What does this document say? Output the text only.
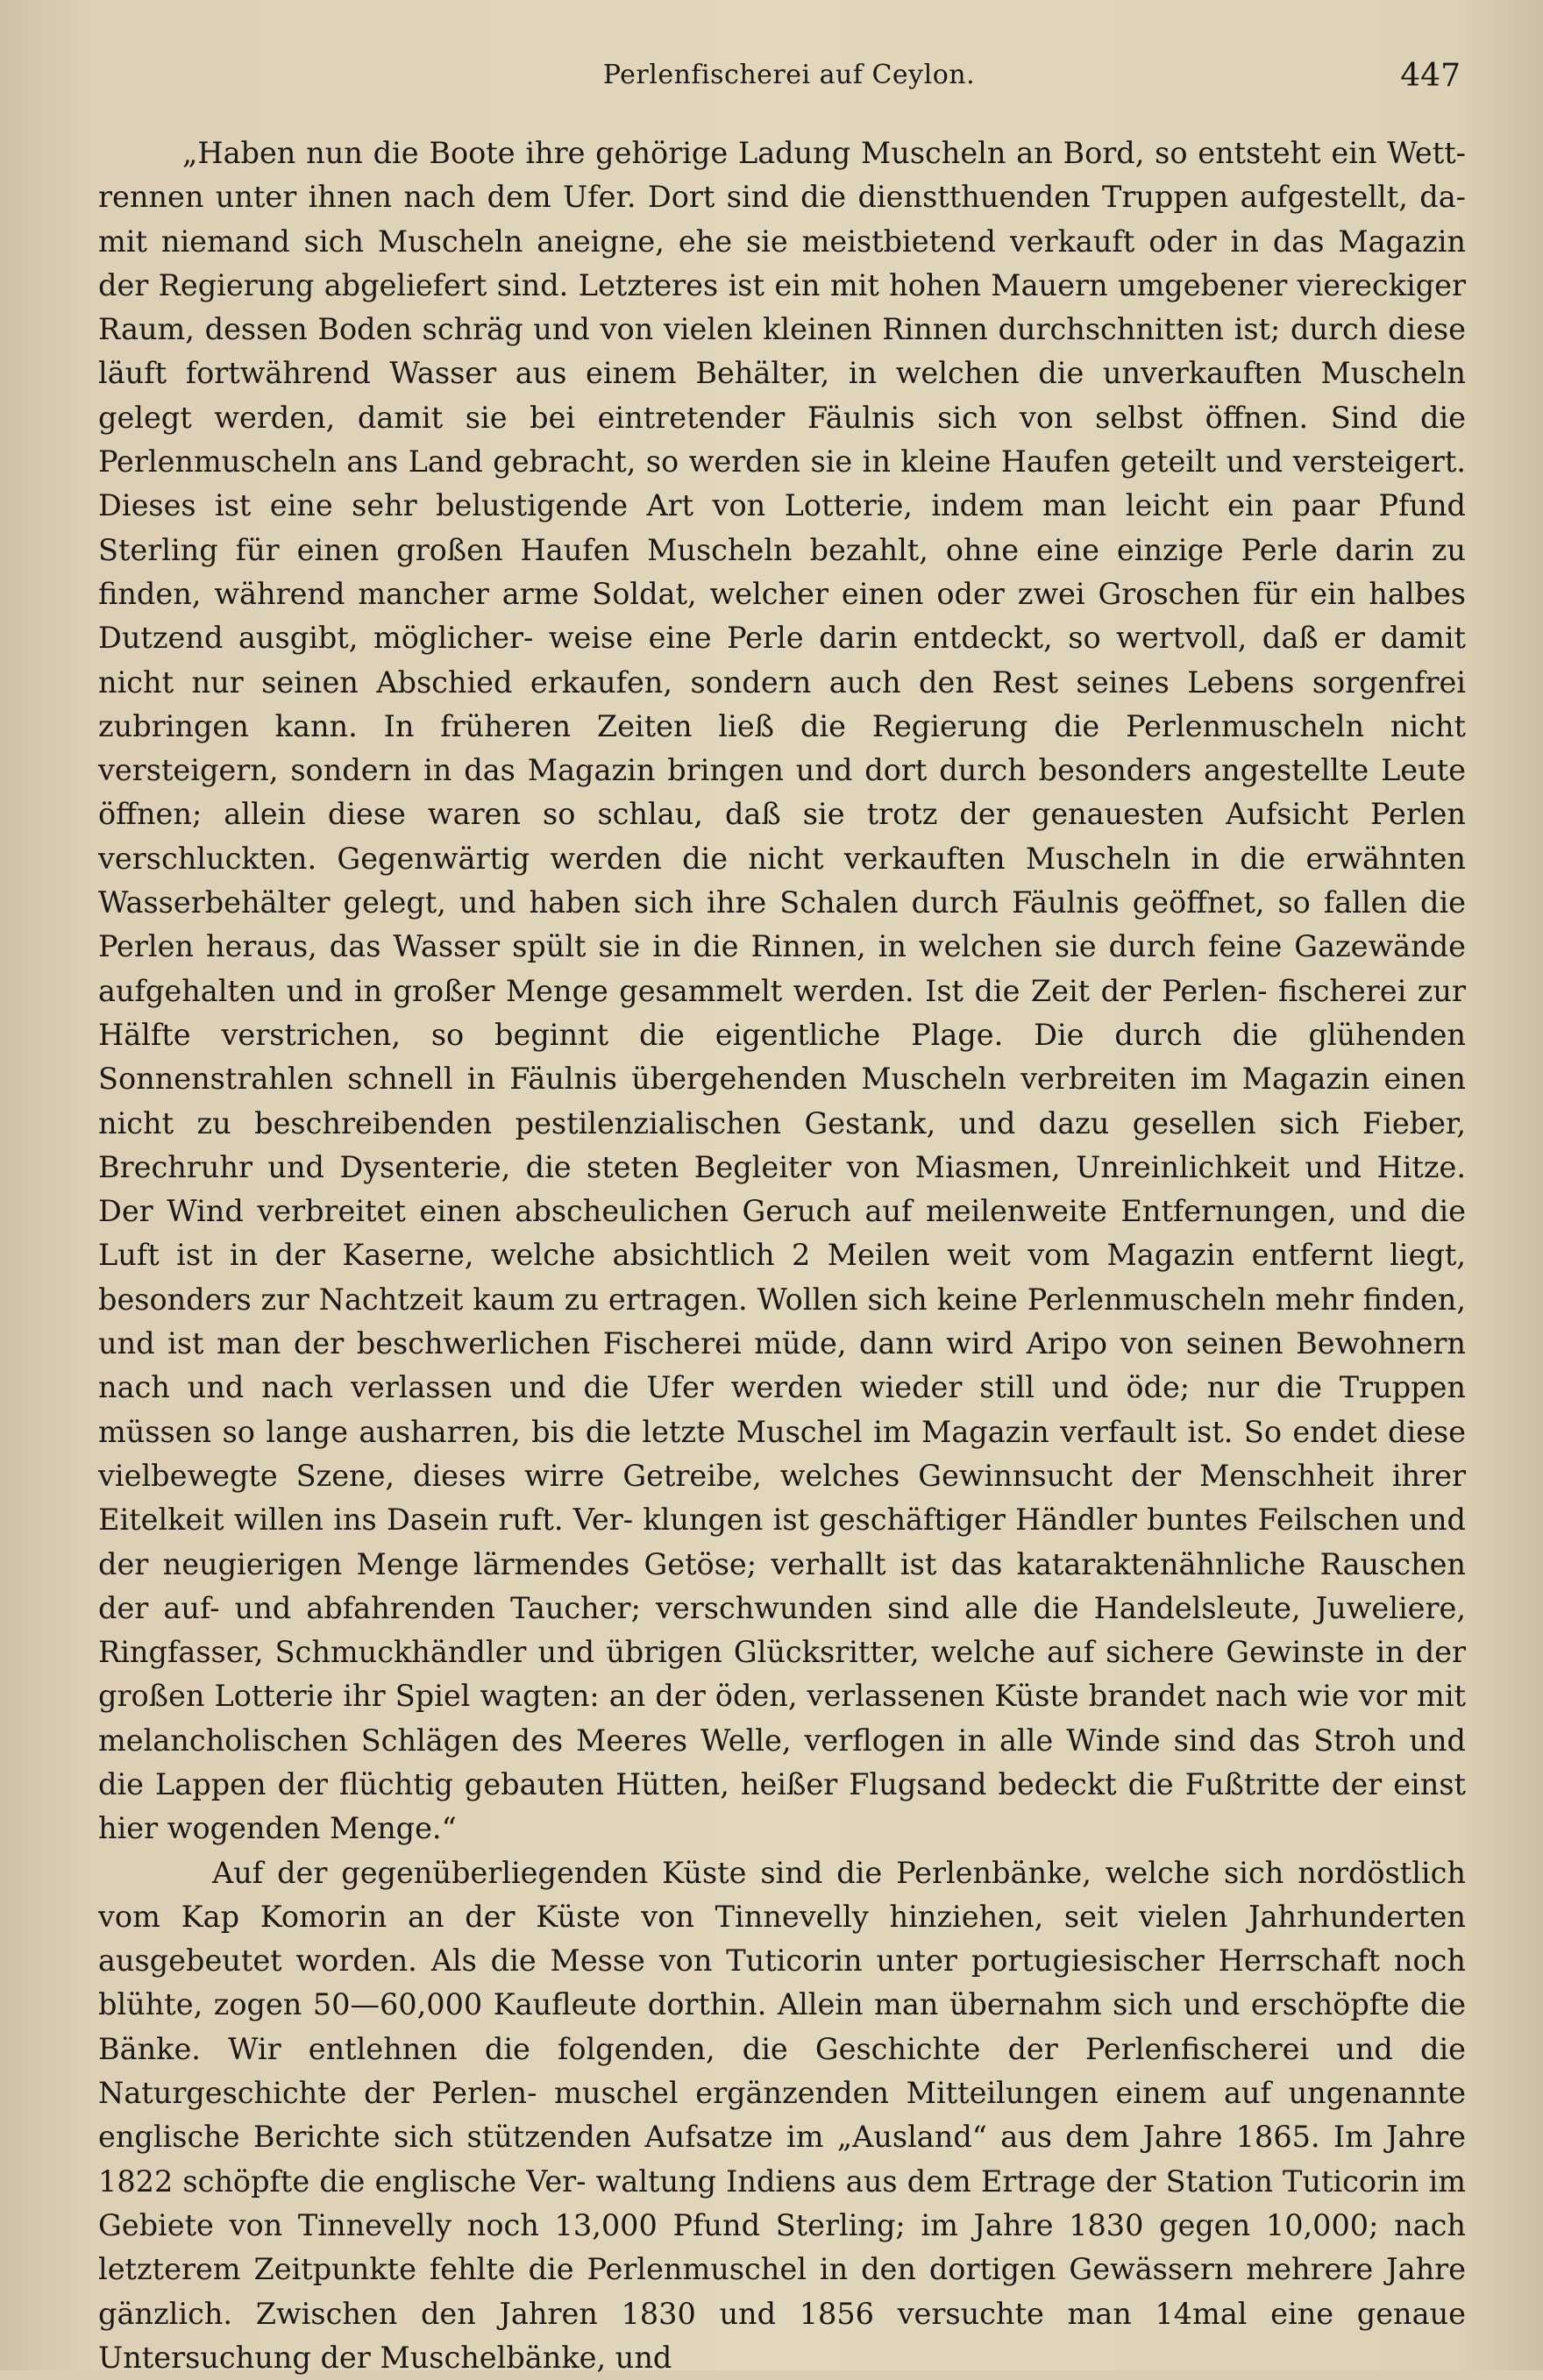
Perlenfischerei auf Ceylon.	447

„Haben nun die Boote ihre gehörige Ladung Muscheln an Bord, so entsteht ein Wett- rennen unter ihnen nach dem Ufer. Dort sind die dienstthuenden Truppen aufgestellt, da- mit niemand sich Muscheln aneigne, ehe sie meistbietend verkauft oder in das Magazin der Regierung abgeliefert sind. Letzteres ist ein mit hohen Mauern umgebener viereckiger Raum, dessen Boden schräg und von vielen kleinen Rinnen durchschnitten ist; durch diese läuft fortwährend Wasser aus einem Behälter, in welchen die unverkauften Muscheln gelegt werden, damit sie bei eintretender Fäulnis sich von selbst öffnen. Sind die Perlenmuscheln ans Land gebracht, so werden sie in kleine Haufen geteilt und versteigert. Dieses ist eine sehr belustigende Art von Lotterie, indem man leicht ein paar Pfund Sterling für einen großen Haufen Muscheln bezahlt, ohne eine einzige Perle darin zu finden, während mancher arme Soldat, welcher einen oder zwei Groschen für ein halbes Dutzend ausgibt, möglicher- weise eine Perle darin entdeckt, so wertvoll, daß er damit nicht nur seinen Abschied erkaufen, sondern auch den Rest seines Lebens sorgenfrei zubringen kann. In früheren Zeiten ließ die Regierung die Perlenmuscheln nicht versteigern, sondern in das Magazin bringen und dort durch besonders angestellte Leute öffnen; allein diese waren so schlau, daß sie trotz der genauesten Aufsicht Perlen verschluckten. Gegenwärtig werden die nicht verkauften Muscheln in die erwähnten Wasserbehälter gelegt, und haben sich ihre Schalen durch Fäulnis geöffnet, so fallen die Perlen heraus, das Wasser spült sie in die Rinnen, in welchen sie durch feine Gazewände aufgehalten und in großer Menge gesammelt werden. Ist die Zeit der Perlen- fischerei zur Hälfte verstrichen, so beginnt die eigentliche Plage. Die durch die glühenden Sonnenstrahlen schnell in Fäulnis übergehenden Muscheln verbreiten im Magazin einen nicht zu beschreibenden pestilenzialischen Gestank, und dazu gesellen sich Fieber, Brechruhr und Dysenterie, die steten Begleiter von Miasmen, Unreinlichkeit und Hitze. Der Wind verbreitet einen abscheulichen Geruch auf meilenweite Entfernungen, und die Luft ist in der Kaserne, welche absichtlich 2 Meilen weit vom Magazin entfernt liegt, besonders zur Nachtzeit kaum zu ertragen. Wollen sich keine Perlenmuscheln mehr finden, und ist man der beschwerlichen Fischerei müde, dann wird Aripo von seinen Bewohnern nach und nach verlassen und die Ufer werden wieder still und öde; nur die Truppen müssen so lange ausharren, bis die letzte Muschel im Magazin verfault ist. So endet diese vielbewegte Szene, dieses wirre Getreibe, welches Gewinnsucht der Menschheit ihrer Eitelkeit willen ins Dasein ruft. Ver- klungen ist geschäftiger Händler buntes Feilschen und der neugierigen Menge lärmendes Getöse; verhallt ist das kataraktenähnliche Rauschen der auf- und abfahrenden Taucher; verschwunden sind alle die Handelsleute, Juweliere, Ringfasser, Schmuckhändler und übrigen Glücksritter, welche auf sichere Gewinste in der großen Lotterie ihr Spiel wagten: an der öden, verlassenen Küste brandet nach wie vor mit melancholischen Schlägen des Meeres Welle, verflogen in alle Winde sind das Stroh und die Lappen der flüchtig gebauten Hütten, heißer Flugsand bedeckt die Fußtritte der einst hier wogenden Menge.“

Auf der gegenüberliegenden Küste sind die Perlenbänke, welche sich nordöstlich vom Kap Komorin an der Küste von Tinnevelly hinziehen, seit vielen Jahrhunderten ausgebeutet worden. Als die Messe von Tuticorin unter portugiesischer Herrschaft noch blühte, zogen 50—60,000 Kaufleute dorthin. Allein man übernahm sich und erschöpfte die Bänke. Wir entlehnen die folgenden, die Geschichte der Perlenfischerei und die Naturgeschichte der Perlen- muschel ergänzenden Mitteilungen einem auf ungenannte englische Berichte sich stützenden Aufsatze im „Ausland“ aus dem Jahre 1865. Im Jahre 1822 schöpfte die englische Ver- waltung Indiens aus dem Ertrage der Station Tuticorin im Gebiete von Tinnevelly noch 13,000 Pfund Sterling; im Jahre 1830 gegen 10,000; nach letzterem Zeitpunkte fehlte die Perlenmuschel in den dortigen Gewässern mehrere Jahre gänzlich. Zwischen den Jahren 1830 und 1856 versuchte man 14mal eine genaue Untersuchung der Muschelbänke, und
